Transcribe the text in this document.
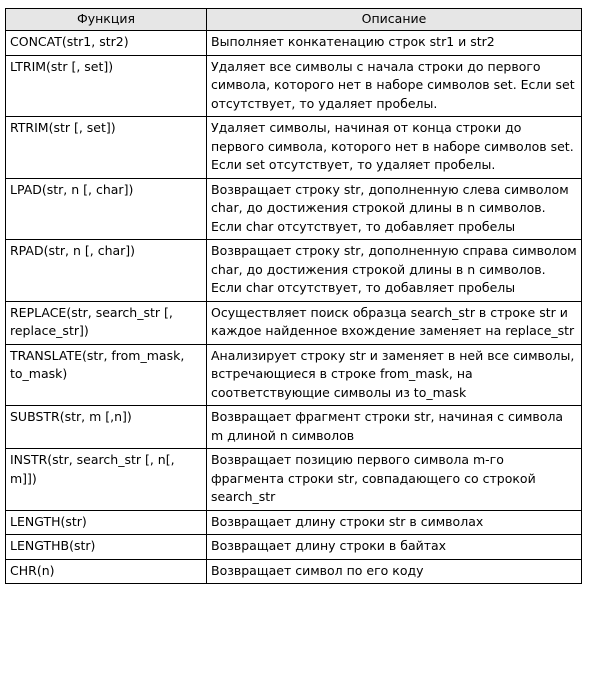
Функция	Описание
CONCAT(str1, str2)	Выполняет конкатенацию строк str1 и str2
LTRIM(str [, set])	Удаляет все символы с начала строки до первого символа, которого нет в наборе символов set. Если set отсутствует, то удаляет пробелы.
RTRIM(str [, set])	Удаляет символы, начиная от конца строки до первого символа, которого нет в наборе символов set. Если set отсутствует, то удаляет пробелы.
LPAD(str, n [, char])	Возвращает строку str, дополненную слева символом char, до достижения строкой длины в n символов. Если char отсутствует, то добавляет пробелы
RPAD(str, n [, char])	Возвращает строку str, дополненную справа символом char, до достижения строкой длины в n символов. Если char отсутствует, то добавляет пробелы
REPLACE(str, search_str [, replace_str])	Осуществляет поиск образца search_str в строке str и каждое найденное вхождение заменяет на replace_str
TRANSLATE(str, from_mask, to_mask)	Анализирует строку str и заменяет в ней все символы, встречающиеся в строке from_mask, на соответствующие символы из to_mask
SUBSTR(str, m [,n])	Возвращает фрагмент строки str, начиная с символа m длиной n символов
INSTR(str, search_str [, n[, m]])	Возвращает позицию первого символа m-го фрагмента строки str, совпадающего со строкой search_str
LENGTH(str)	Возвращает длину строки str в символах
LENGTHB(str)	Возвращает длину строки в байтах
CHR(n)	Возвращает символ по его коду
